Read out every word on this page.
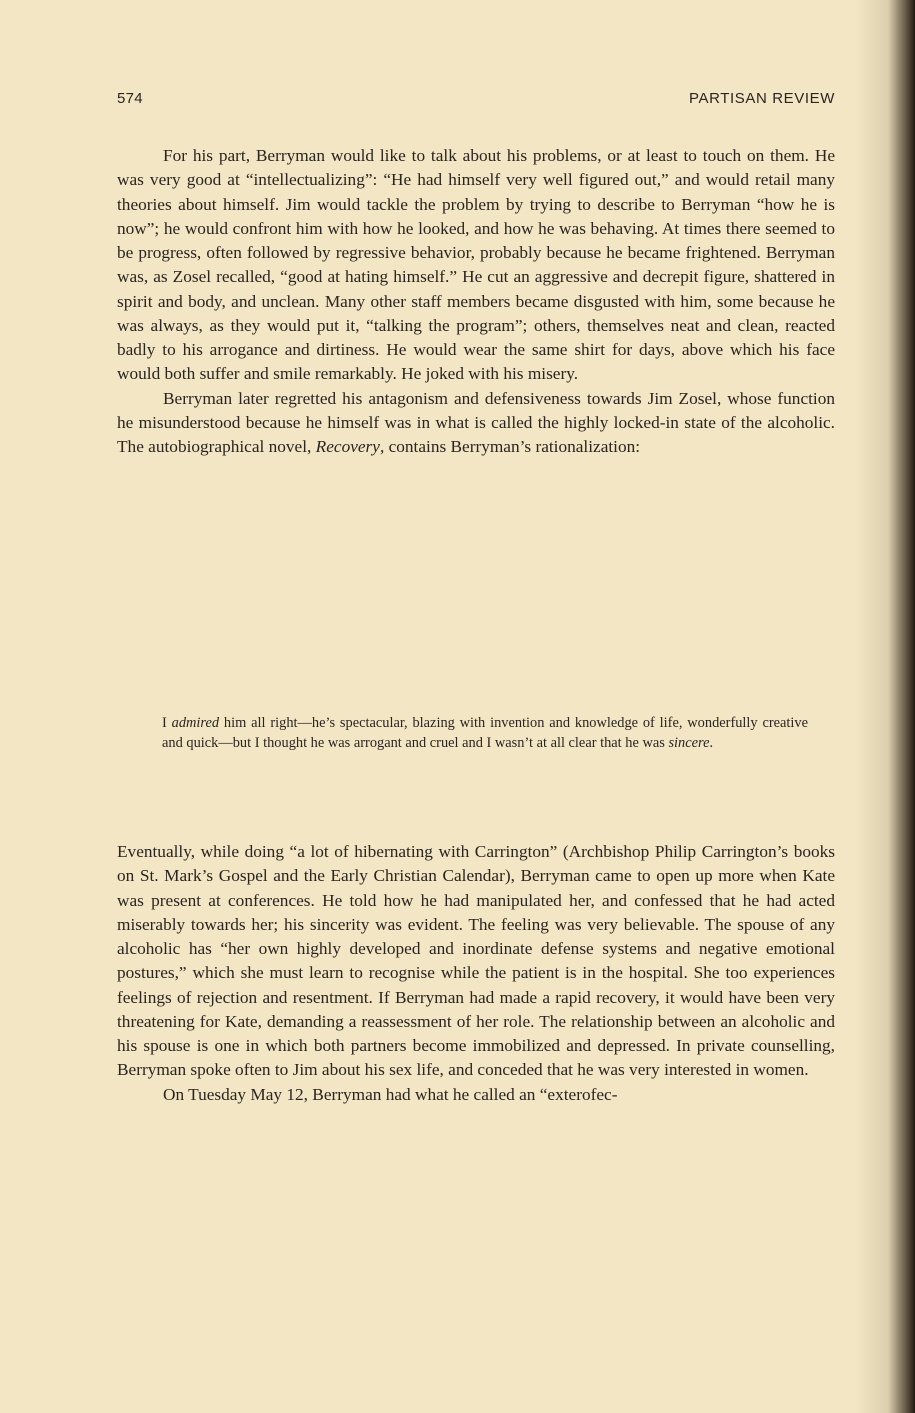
574	PARTISAN REVIEW

For his part, Berryman would like to talk about his problems, or at least to touch on them. He was very good at “intellectualizing”: “He had himself very well figured out,” and would retail many theories about himself. Jim would tackle the problem by trying to describe to Berryman “how he is now”; he would confront him with how he looked, and how he was behaving. At times there seemed to be progress, often followed by regressive behavior, probably because he became frightened. Berryman was, as Zosel recalled, “good at hating himself.” He cut an aggressive and decrepit figure, shattered in spirit and body, and unclean. Many other staff members became disgusted with him, some because he was always, as they would put it, “talking the program”; others, themselves neat and clean, reacted badly to his arrogance and dirtiness. He would wear the same shirt for days, above which his face would both suffer and smile remarkably. He joked with his misery.

Berryman later regretted his antagonism and defensiveness towards Jim Zosel, whose function he misunderstood because he himself was in what is called the highly locked-in state of the alcoholic. The autobiographical novel, Recovery, contains Berryman’s rationalization:

I admired him all right—he’s spectacular, blazing with invention and knowledge of life, wonderfully creative and quick—but I thought he was arrogant and cruel and I wasn’t at all clear that he was sincere.

Eventually, while doing “a lot of hibernating with Carrington” (Archbishop Philip Carrington’s books on St. Mark’s Gospel and the Early Christian Calendar), Berryman came to open up more when Kate was present at conferences. He told how he had manipulated her, and confessed that he had acted miserably towards her; his sincerity was evident. The feeling was very believable. The spouse of any alcoholic has “her own highly developed and inordinate defense systems and negative emotional postures,” which she must learn to recognise while the patient is in the hospital. She too experiences feelings of rejection and resentment. If Berryman had made a rapid recovery, it would have been very threatening for Kate, demanding a reassessment of her role. The relationship between an alcoholic and his spouse is one in which both partners become immobilized and depressed. In private counselling, Berryman spoke often to Jim about his sex life, and conceded that he was very interested in women.

On Tuesday May 12, Berryman had what he called an “exterofec-
